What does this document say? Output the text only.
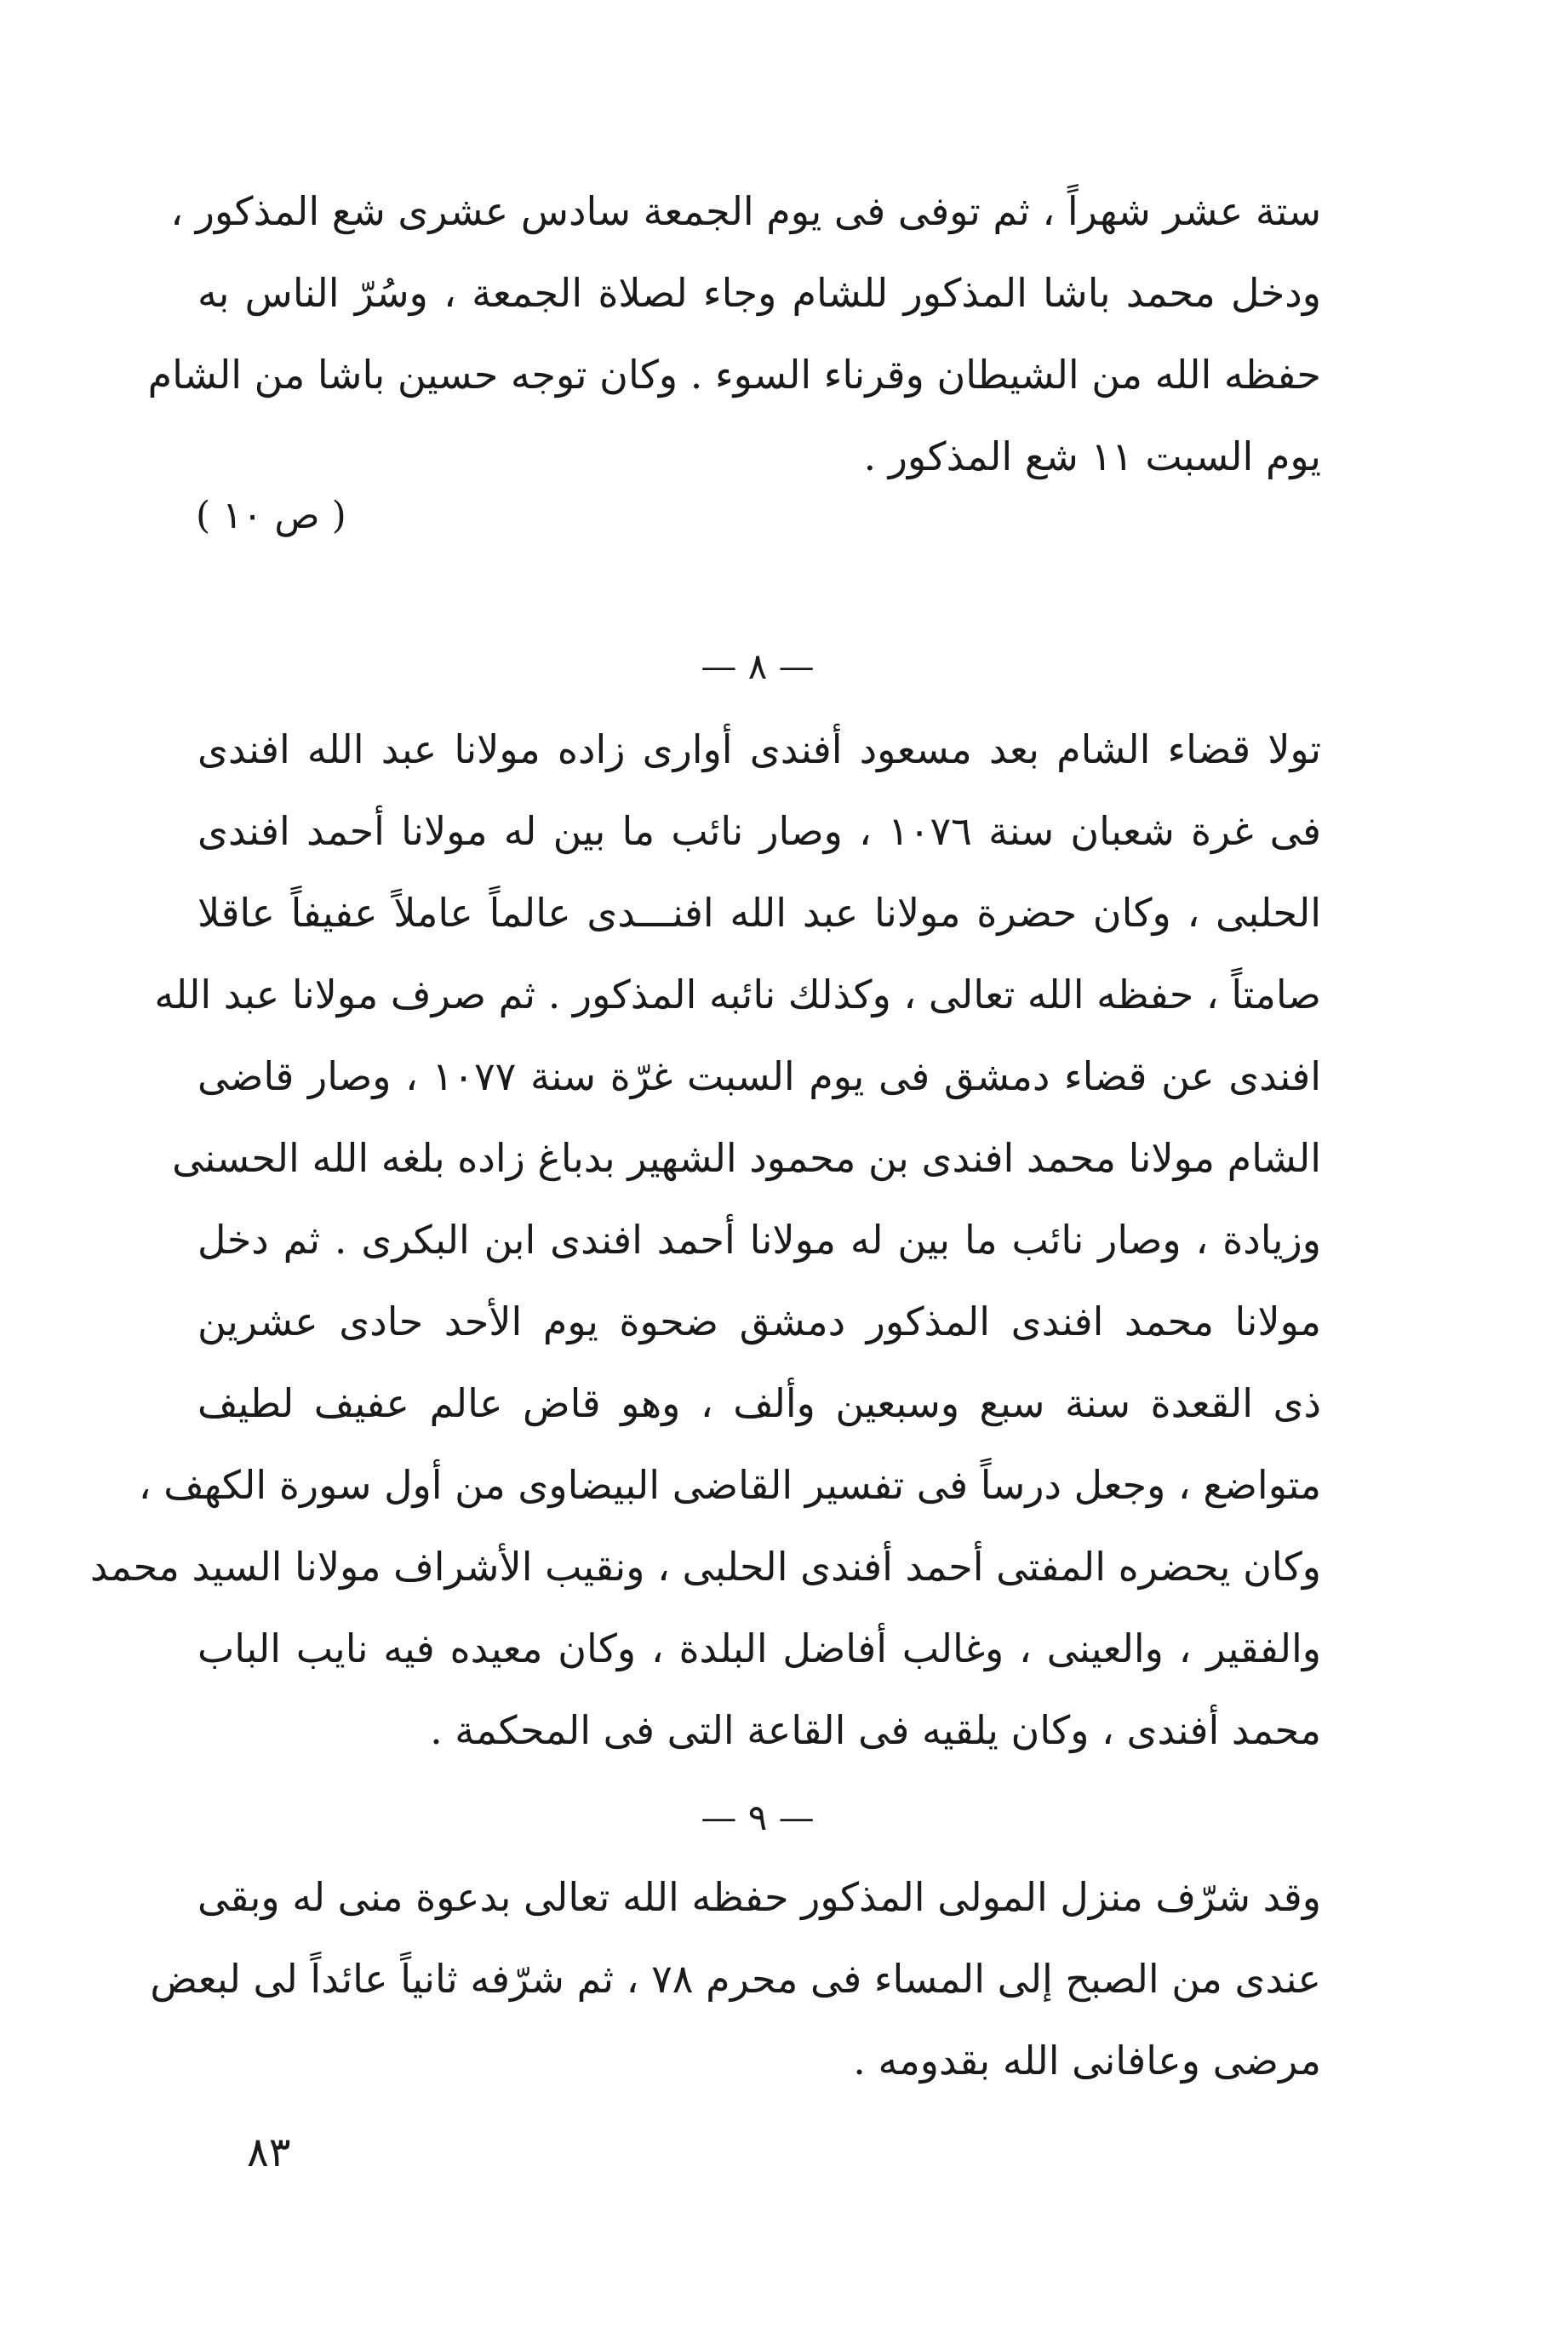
ستة عشر شهراً ، ثم توفى فى يوم الجمعة سادس عشرى شع المذكور ،
ودخل محمد باشا المذكور للشام وجاء لصلاة الجمعة ، وسُرّ الناس به
حفظه الله من الشيطان وقرناء السوء . وكان توجه حسين باشا من الشام
يوم السبت ١١ شع المذكور .
( ص ١٠ )
— ٨ —
تولا قضاء الشام بعد مسعود أفندى أوارى زاده مولانا عبد الله افندى
فى غرة شعبان سنة ١٠٧٦ ، وصار نائب ما بين له مولانا أحمد افندى
الحلبى ، وكان حضرة مولانا عبد الله افنـــدى عالماً عاملاً عفيفاً عاقلا
صامتاً ، حفظه الله تعالى ، وكذلك نائبه المذكور . ثم صرف مولانا عبد الله
افندى عن قضاء دمشق فى يوم السبت غرّة سنة ١٠٧٧ ، وصار قاضى
الشام مولانا محمد افندى بن محمود الشهير بدباغ زاده بلغه الله الحسنى
وزيادة ، وصار نائب ما بين له مولانا أحمد افندى ابن البكرى . ثم دخل
مولانا محمد افندى المذكور دمشق ضحوة يوم الأحد حادى عشرين
ذى القعدة سنة سبع وسبعين وألف ، وهو قاض عالم عفيف لطيف
متواضع ، وجعل درساً فى تفسير القاضى البيضاوى من أول سورة الكهف ،
وكان يحضره المفتى أحمد أفندى الحلبى ، ونقيب الأشراف مولانا السيد محمد
والفقير ، والعينى ، وغالب أفاضل البلدة ، وكان معيده فيه نايب الباب
محمد أفندى ، وكان يلقيه فى القاعة التى فى المحكمة .
— ٩ —
وقد شرّف منزل المولى المذكور حفظه الله تعالى بدعوة منى له وبقى
عندى من الصبح إلى المساء فى محرم ٧٨ ، ثم شرّفه ثانياً عائداً لى لبعض
مرضى وعافانى الله بقدومه .
٨٣
